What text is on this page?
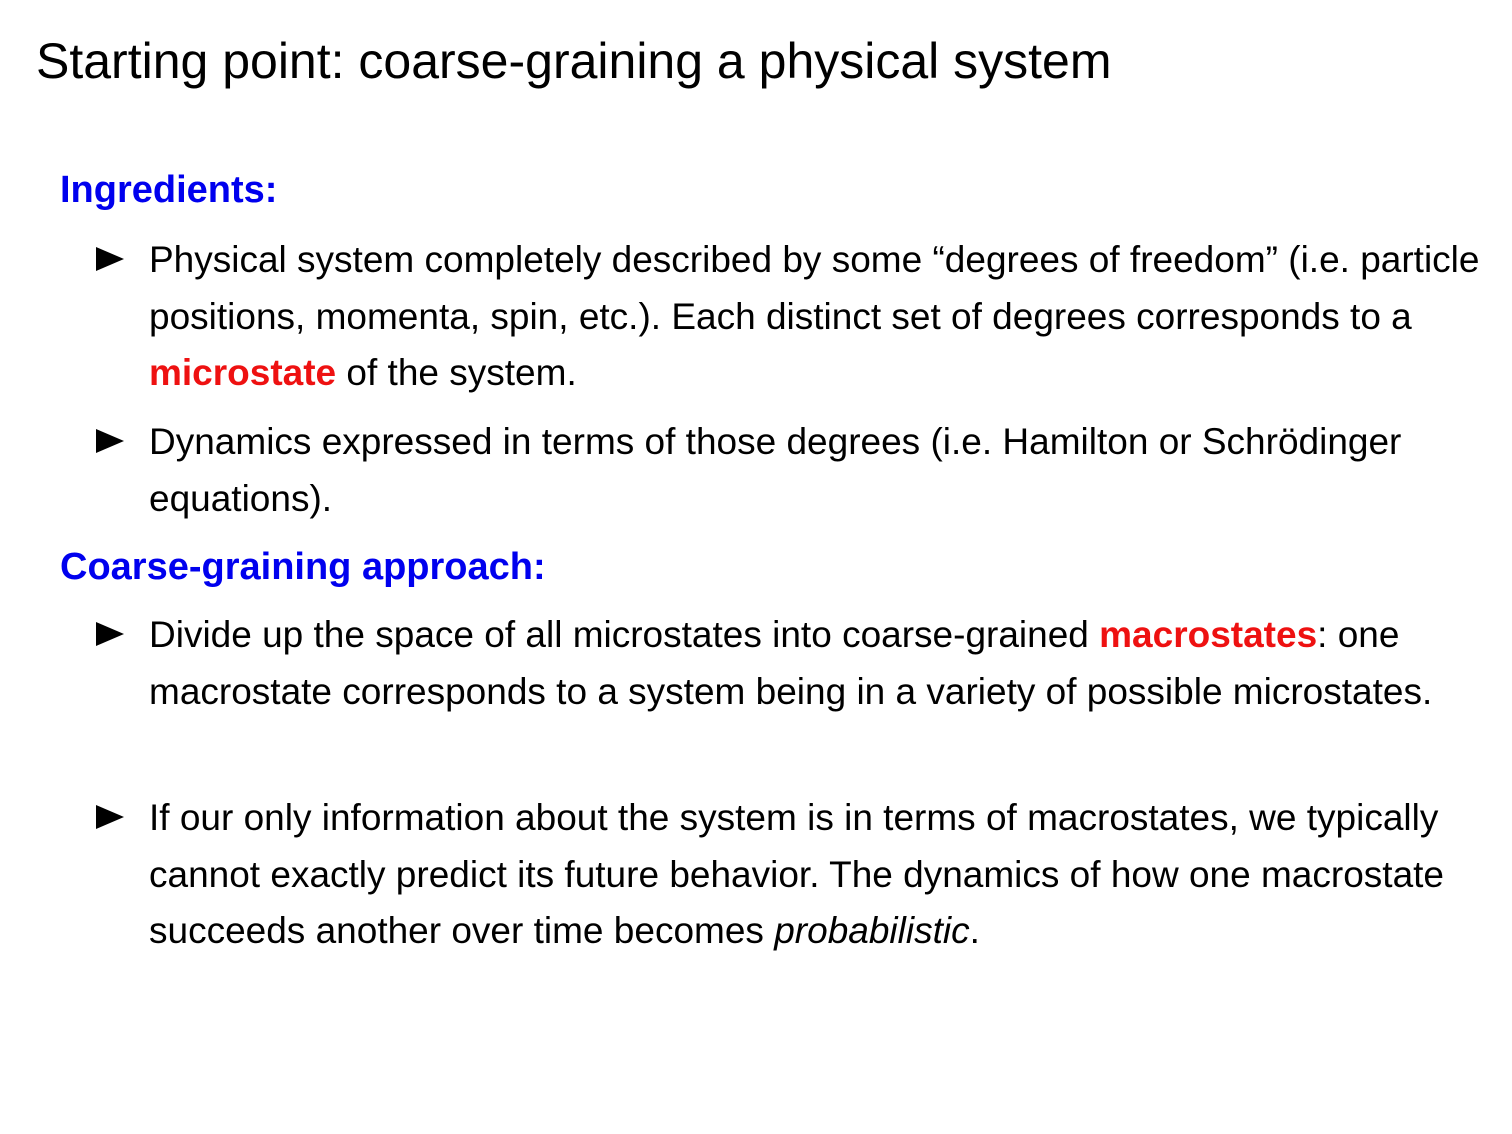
Starting point: coarse-graining a physical system
Ingredients:

Physical system completely described by some “degrees of freedom” (i.e. particle positions, momenta, spin, etc.). Each distinct set of degrees corresponds to a microstate of the system.

Dynamics expressed in terms of those degrees (i.e. Hamilton or Schrödinger equations).

Coarse-graining approach:

Divide up the space of all microstates into coarse-grained macrostates: one macrostate corresponds to a system being in a variety of possible microstates.

If our only information about the system is in terms of macrostates, we typically cannot exactly predict its future behavior. The dynamics of how one macrostate succeeds another over time becomes probabilistic.
